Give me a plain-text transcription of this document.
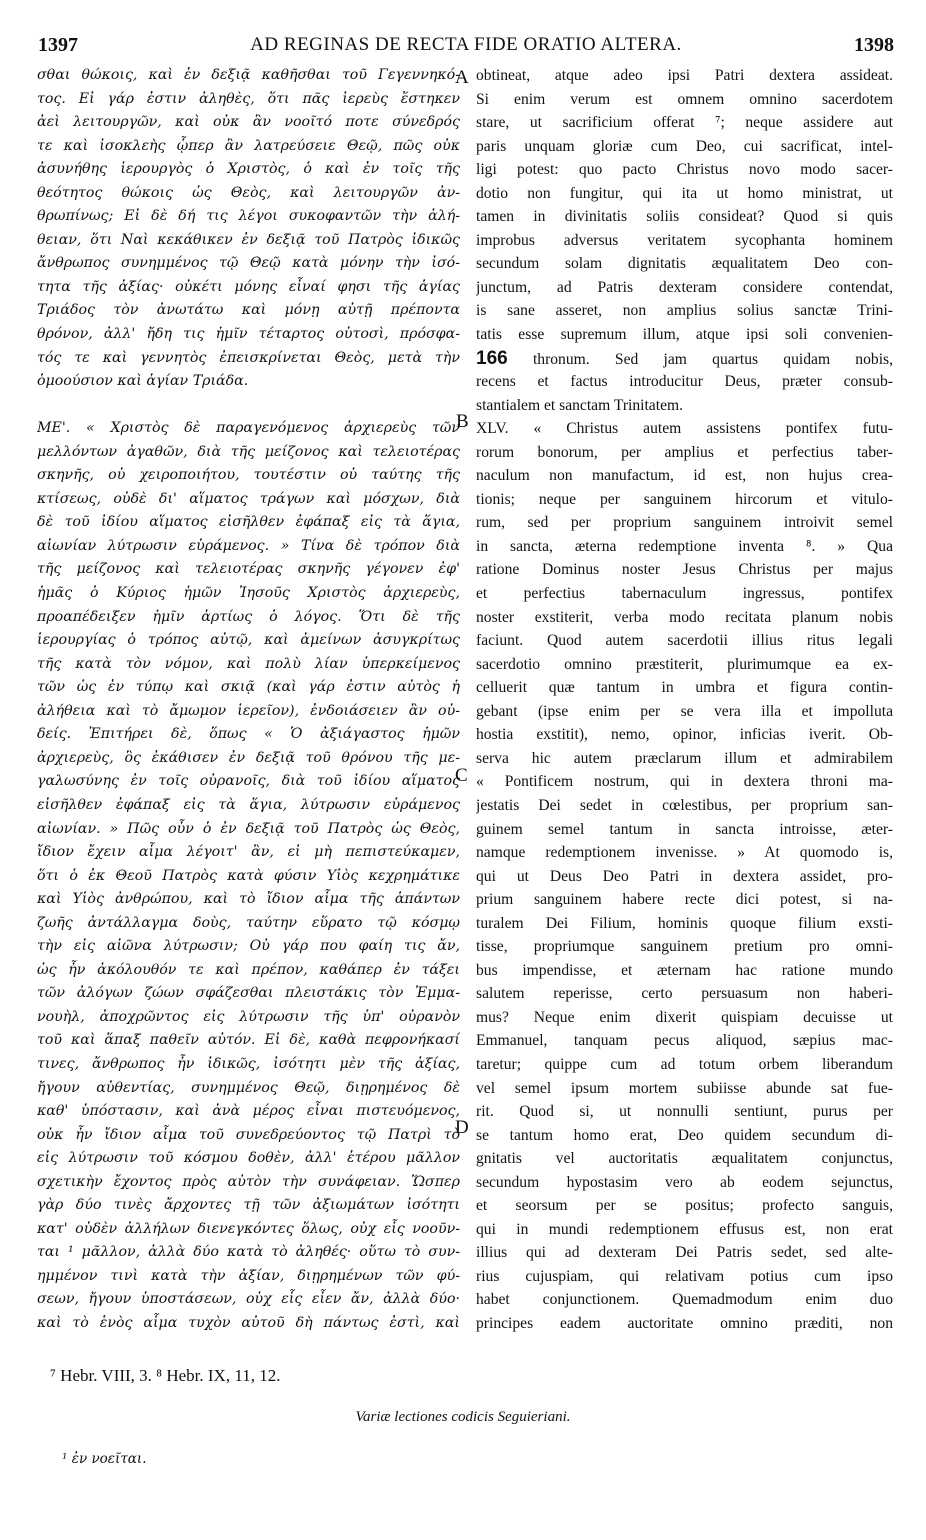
1397	AD REGINAS DE RECTA FIDE ORATIO ALTERA.	1398
σθαι θώκοις, καὶ ἐν δεξιᾷ καθῆσθαι τοῦ Γεγεννηκό-
τος. Εἰ γάρ ἐστιν ἀληθὲς, ὅτι πᾶς ἱερεὺς ἕστηκεν
ἀεὶ λειτουργῶν, καὶ οὐκ ἂν νοοῖτό ποτε σύνεδρός
τε καὶ ἰσοκλεὴς ᾧπερ ἂν λατρεύσειε Θεῷ, πῶς οὐκ
ἀσυνήθης ἱερουργὸς ὁ Χριστὸς, ὁ καὶ ἐν τοῖς τῆς
θεότητος θώκοις ὡς Θεὸς, καὶ λειτουργῶν ἀν-
θρωπίνως; Εἰ δὲ δή τις λέγοι συκοφαντῶν τὴν ἀλή-
θειαν, ὅτι Ναὶ κεκάθικεν ἐν δεξιᾷ τοῦ Πατρὸς ἰδικῶς
ἄνθρωπος συνημμένος τῷ Θεῷ κατὰ μόνην τὴν ἰσό-
τητα τῆς ἀξίας· οὐκέτι μόνης εἶναί φησι τῆς ἁγίας
Τριάδος τὸν ἀνωτάτω καὶ μόνῃ αὐτῇ πρέποντα
θρόνον, ἀλλ' ἤδη τις ἡμῖν τέταρτος οὑτοσὶ, πρόσφα-
τός τε καὶ γεννητὸς ἐπεισκρίνεται Θεὸς, μετὰ τὴν
ὁμοούσιον καὶ ἁγίαν Τριάδα.
ΜΕ'. « Χριστὸς δὲ παραγενόμενος ἀρχιερεὺς τῶν
μελλόντων ἀγαθῶν, διὰ τῆς μείζονος καὶ τελειοτέρας
σκηνῆς, οὐ χειροποιήτου, τουτέστιν οὐ ταύτης τῆς
κτίσεως, οὐδὲ δι' αἵματος τράγων καὶ μόσχων, διὰ
δὲ τοῦ ἰδίου αἵματος εἰσῆλθεν ἐφάπαξ εἰς τὰ ἅγια,
αἰωνίαν λύτρωσιν εὑράμενος. » Τίνα δὲ τρόπον διὰ
τῆς μείζονος καὶ τελειοτέρας σκηνῆς γέγονεν ἐφ'
ἡμᾶς ὁ Κύριος ἡμῶν Ἰησοῦς Χριστὸς ἀρχιερεὺς,
προαπέδειξεν ἡμῖν ἀρτίως ὁ λόγος. Ὅτι δὲ τῆς
ἱερουργίας ὁ τρόπος αὐτῷ, καὶ ἀμείνων ἀσυγκρίτως
τῆς κατὰ τὸν νόμον, καὶ πολὺ λίαν ὑπερκείμενος
τῶν ὡς ἐν τύπῳ καὶ σκιᾷ (καὶ γάρ ἐστιν αὐτὸς ἡ
ἀλήθεια καὶ τὸ ἄμωμον ἱερεῖον), ἐνδοιάσειεν ἂν οὐ-
δείς. Ἐπιτήρει δὲ, ὅπως « Ὁ ἀξιάγαστος ἡμῶν
ἀρχιερεὺς, ὃς ἐκάθισεν ἐν δεξιᾷ τοῦ θρόνου τῆς με-
γαλωσύνης ἐν τοῖς οὐρανοῖς, διὰ τοῦ ἰδίου αἵματος
εἰσῆλθεν ἐφάπαξ εἰς τὰ ἅγια, λύτρωσιν εὑράμενος
αἰωνίαν. » Πῶς οὖν ὁ ἐν δεξιᾷ τοῦ Πατρὸς ὡς Θεὸς,
ἴδιον ἔχειν αἷμα λέγοιτ' ἂν, εἰ μὴ πεπιστεύκαμεν,
ὅτι ὁ ἐκ Θεοῦ Πατρὸς κατὰ φύσιν Υἱὸς κεχρημάτικε
καὶ Υἱὸς ἀνθρώπου, καὶ τὸ ἴδιον αἷμα τῆς ἁπάντων
ζωῆς ἀντάλλαγμα δοὺς, ταύτην εὕρατο τῷ κόσμῳ
τὴν εἰς αἰῶνα λύτρωσιν; Οὐ γάρ που φαίη τις ἄν,
ὡς ἦν ἀκόλουθόν τε καὶ πρέπον, καθάπερ ἐν τάξει
τῶν ἀλόγων ζώων σφάζεσθαι πλειστάκις τὸν Ἐμμα-
νουὴλ, ἀποχρῶντος εἰς λύτρωσιν τῆς ὑπ' οὐρανὸν
τοῦ καὶ ἅπαξ παθεῖν αὐτόν. Εἰ δὲ, καθὰ πεφρονήκασί
τινες, ἄνθρωπος ἦν ἰδικῶς, ἰσότητι μὲν τῆς ἀξίας,
ἤγουν αὐθεντίας, συνημμένος Θεῷ, διῃρημένος δὲ
καθ' ὑπόστασιν, καὶ ἀνὰ μέρος εἶναι πιστευόμενος,
οὐκ ἦν ἴδιον αἷμα τοῦ συνεδρεύοντος τῷ Πατρὶ τὸ
εἰς λύτρωσιν τοῦ κόσμου δοθὲν, ἀλλ' ἑτέρου μᾶλλον
σχετικὴν ἔχοντος πρὸς αὐτὸν τὴν συνάφειαν. Ὥσπερ
γὰρ δύο τινὲς ἄρχοντες τῇ τῶν ἀξιωμάτων ἰσότητι
κατ' οὐδὲν ἀλλήλων διενεγκόντες ὅλως, οὐχ εἷς νοοῦν-
ται ¹ μᾶλλον, ἀλλὰ δύο κατὰ τὸ ἀληθές· οὕτω τὸ συν-
ημμένον τινὶ κατὰ τὴν ἀξίαν, διῃρημένων τῶν φύ-
σεων, ἤγουν ὑποστάσεων, οὐχ εἷς εἶεν ἄν, ἀλλὰ δύο·
καὶ τὸ ἑνὸς αἷμα τυχὸν αὐτοῦ δὴ πάντως ἐστὶ, καὶ
obtineat, atque adeo ipsi Patri dextera assideat.
Si enim verum est omnem omnino sacerdotem
stare, ut sacrificium offerat ⁷; neque assidere aut
paris unquam gloriæ cum Deo, cui sacrificat, intel-
ligi potest: quo pacto Christus novo modo sacer-
dotio non fungitur, qui ita ut homo ministrat, ut
tamen in divinitatis soliis consideat? Quod si quis
improbus adversus veritatem sycophanta hominem
secundum solam dignitatis æqualitatem Deo con-
junctum, ad Patris dexteram considere contendat,
is sane asseret, non amplius solius sanctæ Trini-
tatis esse supremum illum, atque ipsi soli convenien-
166 thronum. Sed jam quartus quidam nobis,
recens et factus introducitur Deus, præter consub-
stantialem et sanctam Trinitatem.
XLV. « Christus autem assistens pontifex futu-
rorum bonorum, per amplius et perfectius taber-
naculum non manufactum, id est, non hujus crea-
tionis; neque per sanguinem hircorum et vitulo-
rum, sed per proprium sanguinem introivit semel
in sancta, æterna redemptione inventa ⁸. » Qua
ratione Dominus noster Jesus Christus per majus
et perfectius tabernaculum ingressus, pontifex
noster exstiterit, verba modo recitata planum nobis
faciunt. Quod autem sacerdotii illius ritus legali
sacerdotio omnino præstiterit, plurimumque ea ex-
celluerit quæ tantum in umbra et figura contin-
gebant (ipse enim per se vera illa et impolluta
hostia exstitit), nemo, opinor, inficias iverit. Ob-
serva hic autem præclarum illum et admirabilem
« Pontificem nostrum, qui in dextera throni ma-
jestatis Dei sedet in cœlestibus, per proprium san-
guinem semel tantum in sancta introisse, æter-
namque redemptionem invenisse. » At quomodo is,
qui ut Deus Deo Patri in dextera assidet, pro-
prium sanguinem habere recte dici potest, si na-
turalem Dei Filium, hominis quoque filium exsti-
tisse, propriumque sanguinem pretium pro omni-
bus impendisse, et æternam hac ratione mundo
salutem reperisse, certo persuasum non haberi-
mus? Neque enim dixerit quispiam decuisse ut
Emmanuel, tanquam pecus aliquod, sæpius mac-
taretur; quippe cum ad totum orbem liberandum
vel semel ipsum mortem subiisse abunde sat fue-
rit. Quod si, ut nonnulli sentiunt, purus per
se tantum homo erat, Deo quidem secundum di-
gnitatis vel auctoritatis æqualitatem conjunctus,
secundum hypostasim vero ab eodem sejunctus,
et seorsum per se positus; profecto sanguis,
qui in mundi redemptionem effusus est, non erat
illius qui ad dexteram Dei Patris sedet, sed alte-
rius cujuspiam, qui relativam potius cum ipso
habet conjunctionem. Quemadmodum enim duo
principes eadem auctoritate omnino præditi, non
A
B
C
D
⁷ Hebr. VIII, 3. ⁸ Hebr. IX, 11, 12.
Variæ lectiones codicis Seguieriani.
¹ ἐν νοεῖται.
